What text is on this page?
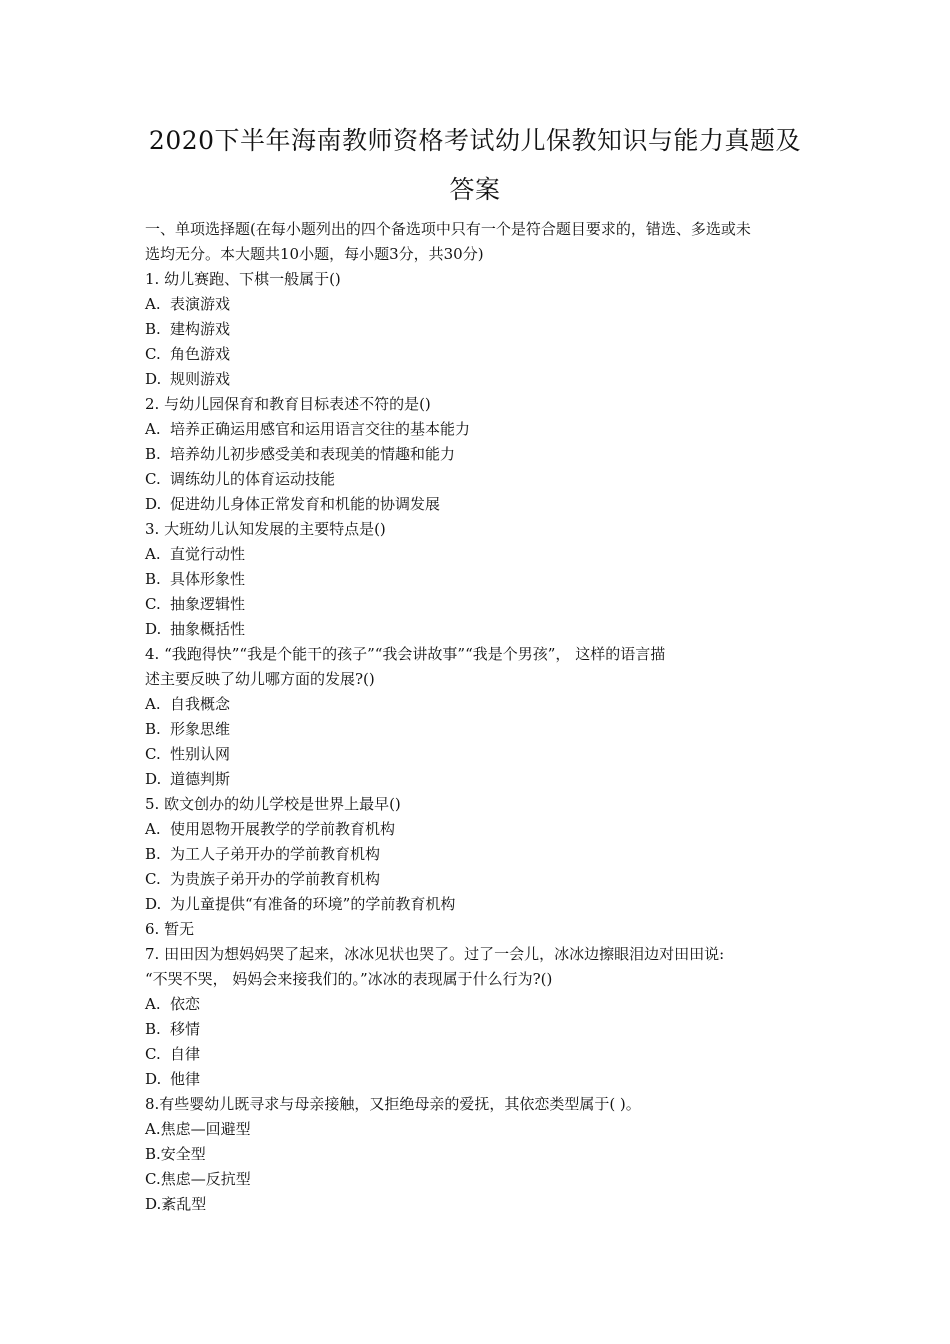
2020下半年海南教师资格考试幼儿保教知识与能力真题及
答案
一、单项选择题(在每小题列出的四个备选项中只有一个是符合题目要求的，错选、多选或未
选均无分。本大题共10小题，每小题3分，共30分)
1. 幼儿赛跑、下棋一般属于()
A. 表演游戏
B. 建构游戏
C. 角色游戏
D. 规则游戏
2. 与幼儿园保育和教育目标表述不符的是()
A. 培养正确运用感官和运用语言交往的基本能力
B. 培养幼儿初步感受美和表现美的情趣和能力
C. 调练幼儿的体育运动技能
D. 促进幼儿身体正常发育和机能的协调发展
3. 大班幼儿认知发展的主要特点是()
A. 直觉行动性
B. 具体形象性
C. 抽象逻辑性
D. 抽象概括性
4. “我跑得快”“我是个能干的孩子”“我会讲故事”“我是个男孩”， 这样的语言描
述主要反映了幼儿哪方面的发展?()
A. 自我概念
B. 形象思维
C. 性别认网
D. 道德判斯
5. 欧文创办的幼儿学校是世界上最早()
A. 使用恩物开展教学的学前教育机构
B. 为工人子弟开办的学前教育机构
C. 为贵族子弟开办的学前教育机构
D. 为儿童提供“有准备的环境”的学前教育机构
6. 暂无
7. 田田因为想妈妈哭了起来，冰冰见状也哭了。过了一会儿，冰冰边擦眼泪边对田田说:
“不哭不哭， 妈妈会来接我们的。”冰冰的表现属于什么行为?()
A. 依恋
B. 移情
C. 自律
D. 他律
8.有些婴幼儿既寻求与母亲接触，又拒绝母亲的爱抚，其依恋类型属于( )。
A.焦虑—回避型
B.安全型
C.焦虑—反抗型
D.紊乱型
